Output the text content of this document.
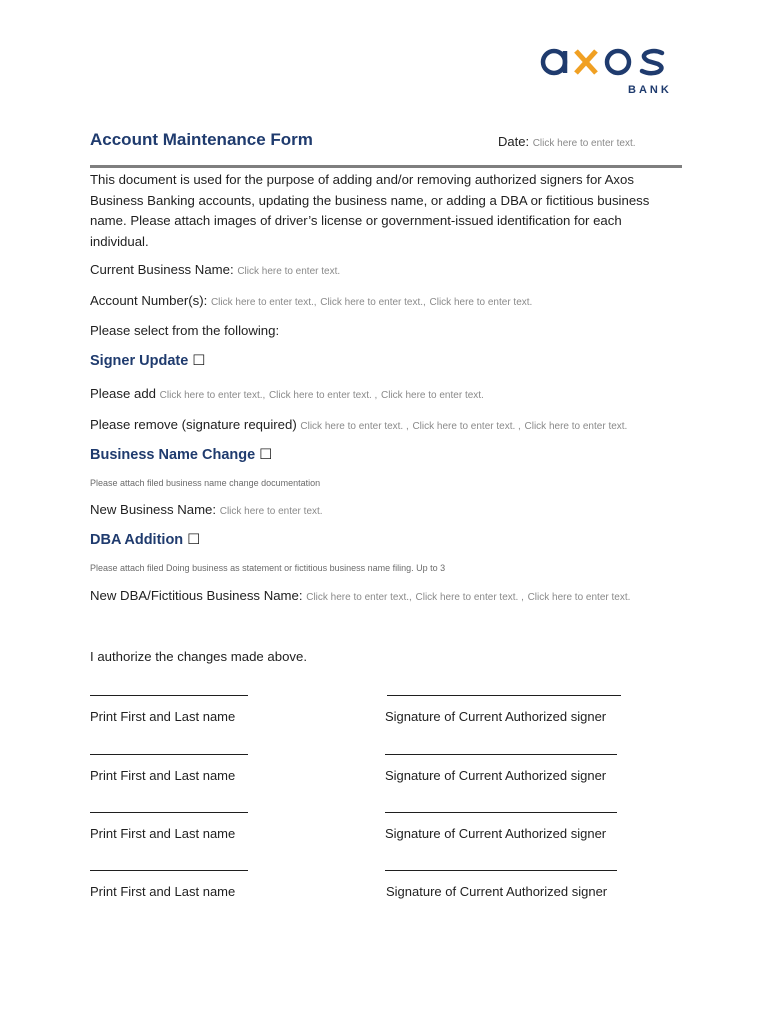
BANK
Account Maintenance Form	Date: Click here to enter text.
This document is used for the purpose of adding and/or removing authorized signers for Axos Business Banking accounts, updating the business name, or adding a DBA or fictitious business name. Please attach images of driver’s license or government-issued identification for each individual.
Current Business Name: Click here to enter text.
Account Number(s): Click here to enter text., Click here to enter text., Click here to enter text.
Please select from the following:
Signer Update ☐
Please add Click here to enter text., Click here to enter text. , Click here to enter text.
Please remove (signature required) Click here to enter text. , Click here to enter text. , Click here to enter text.
Business Name Change ☐
Please attach filed business name change documentation
New Business Name: Click here to enter text.
DBA Addition ☐
Please attach filed Doing business as statement or fictitious business name filing. Up to 3
New DBA/Fictitious Business Name: Click here to enter text., Click here to enter text. , Click here to enter text.
I authorize the changes made above.
Print First and Last name	Signature of Current Authorized signer
Print First and Last name	Signature of Current Authorized signer
Print First and Last name	Signature of Current Authorized signer
Print First and Last name	Signature of Current Authorized signer
